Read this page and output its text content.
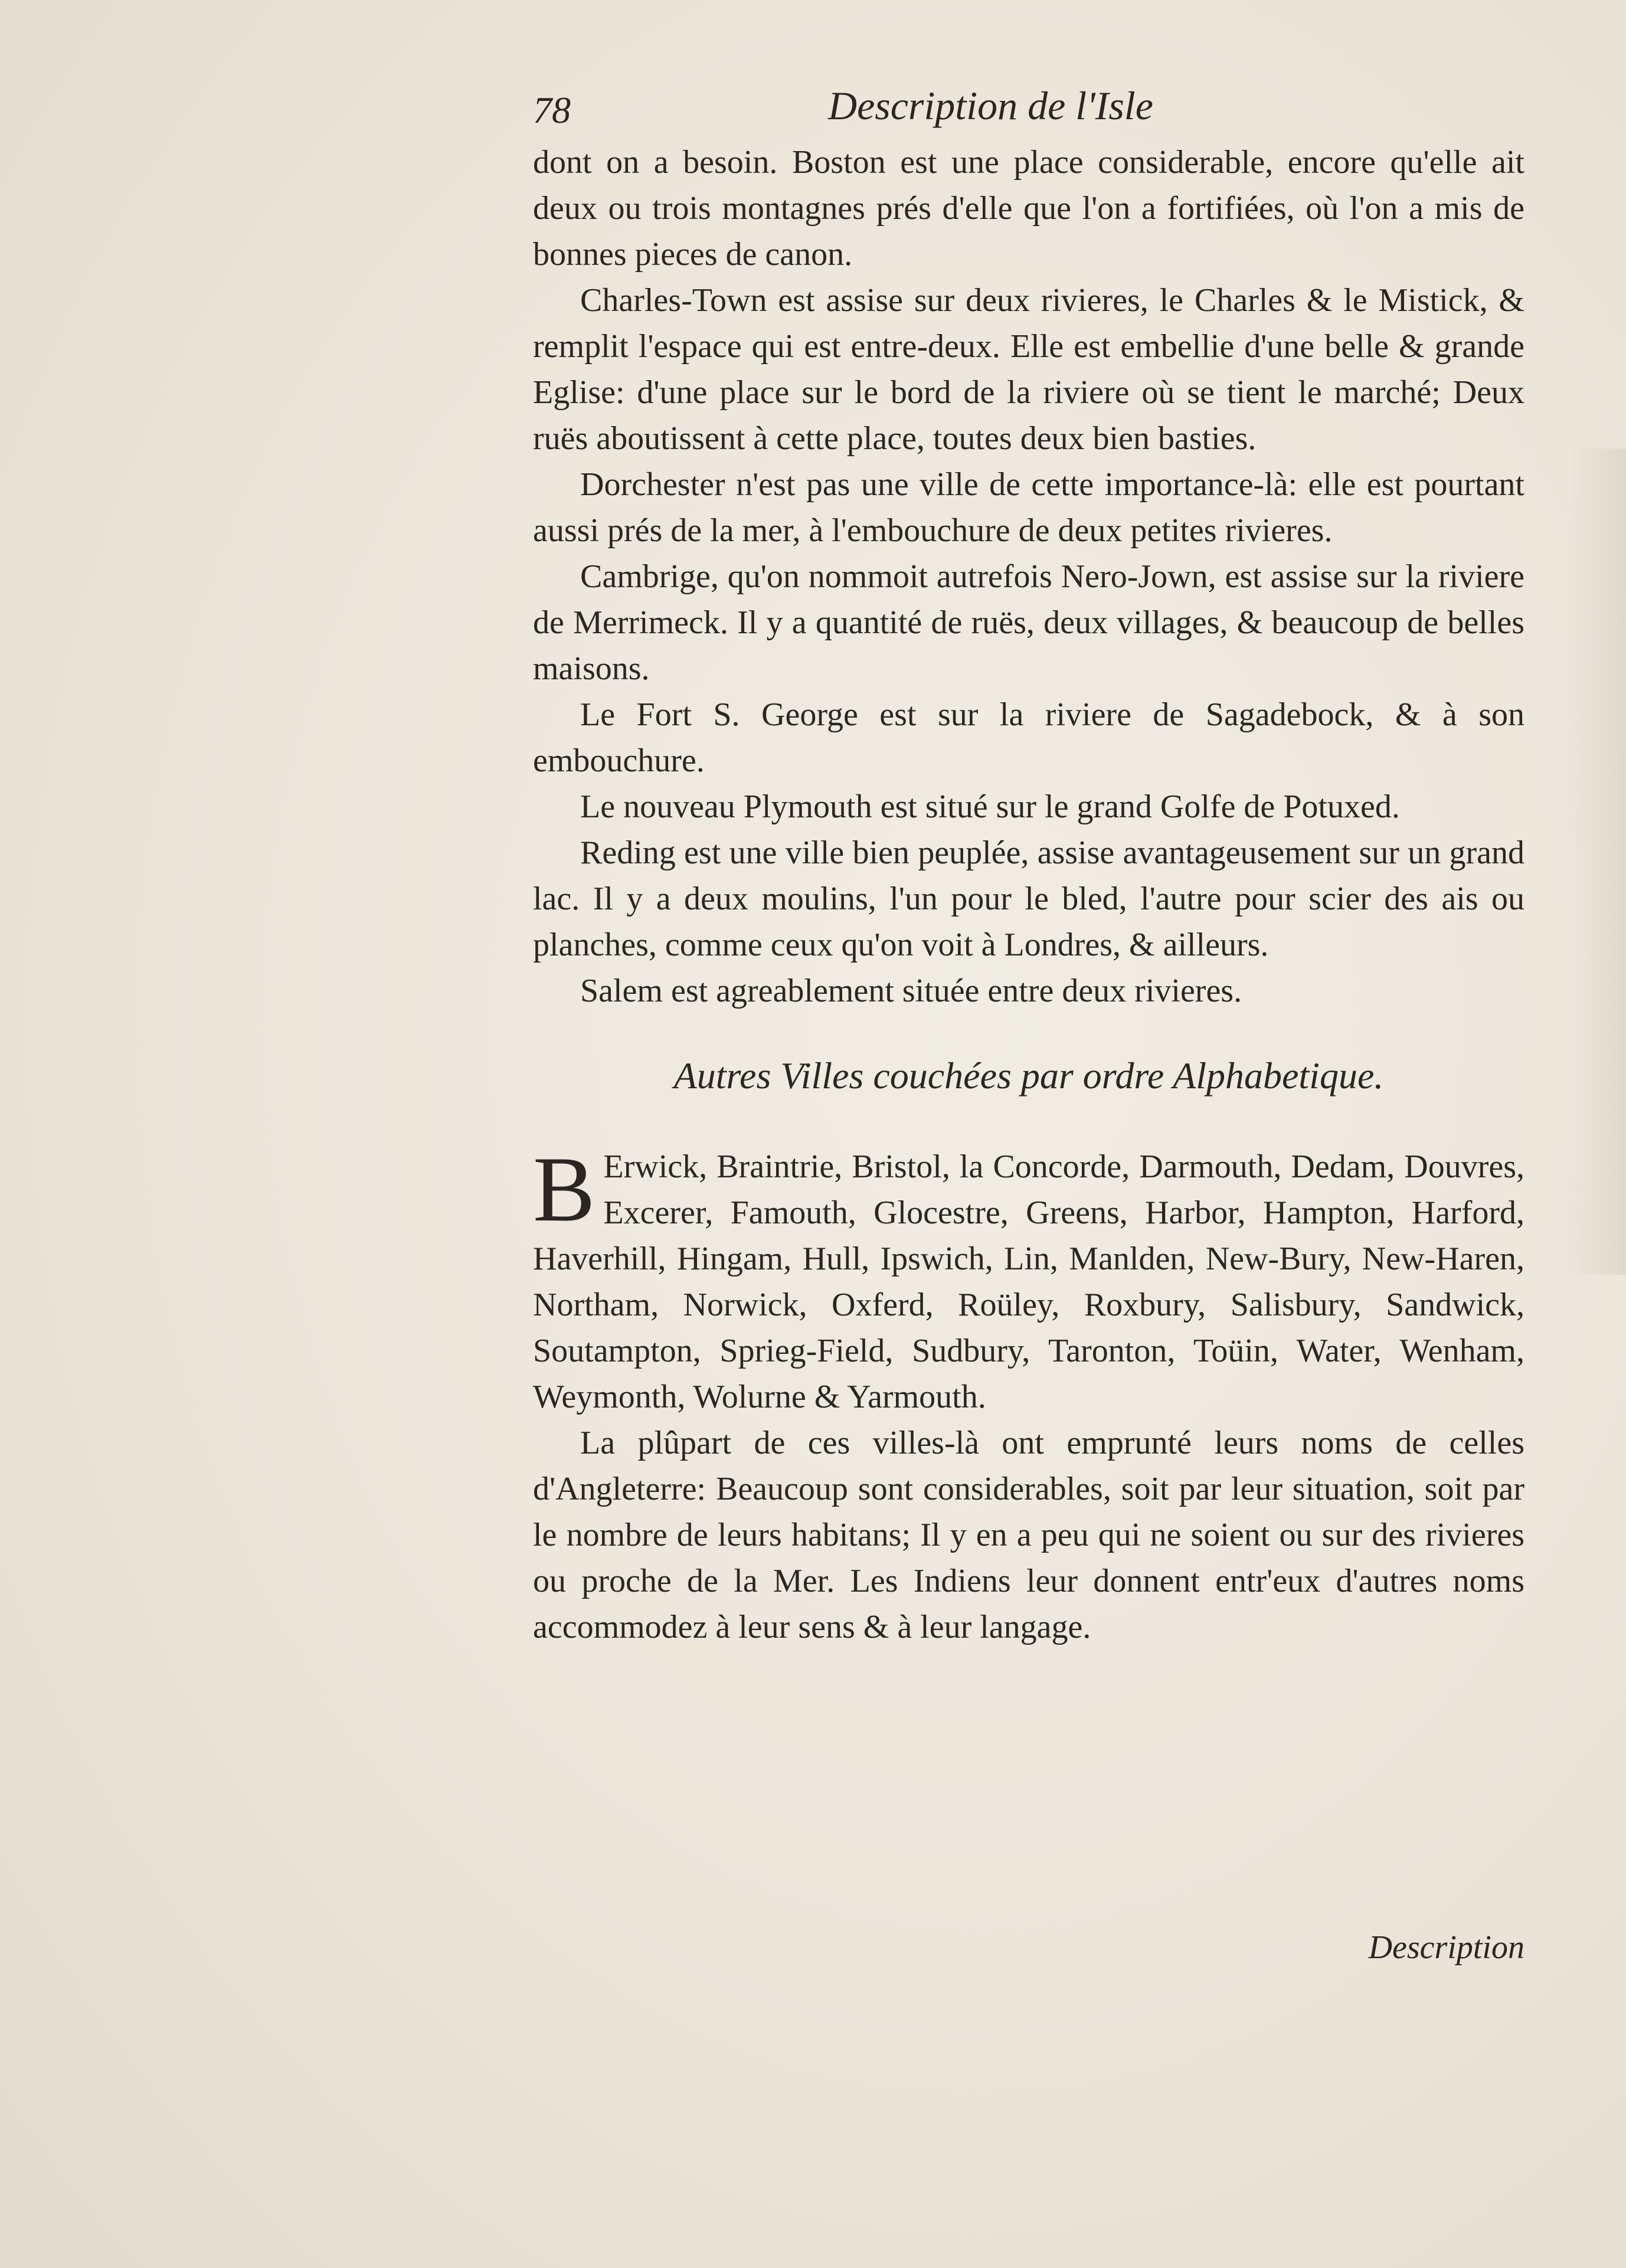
78	Description de l'Isle

dont on a besoin. Boston est une place considerable, encore qu'elle ait deux ou trois montagnes prés d'elle que l'on a fortifiées, où l'on a mis de bonnes pieces de canon.

Charles-Town est assise sur deux rivieres, le Charles & le Mistick, & remplit l'espace qui est entre-deux. Elle est embellie d'une belle & grande Eglise: d'une place sur le bord de la riviere où se tient le marché; Deux ruës aboutissent à cette place, toutes deux bien basties.

Dorchester n'est pas une ville de cette importance-là: elle est pourtant aussi prés de la mer, à l'embouchure de deux petites rivieres.

Cambrige, qu'on nommoit autrefois Nero-Jown, est assise sur la riviere de Merrimeck. Il y a quantité de ruës, deux villages, & beaucoup de belles maisons.

Le Fort S. George est sur la riviere de Sagadebock, & à son embouchure.

Le nouveau Plymouth est situé sur le grand Golfe de Potuxed.

Reding est une ville bien peuplée, assise avantageusement sur un grand lac. Il y a deux moulins, l'un pour le bled, l'autre pour scier des ais ou planches, comme ceux qu'on voit à Londres, & ailleurs.

Salem est agreablement située entre deux rivieres.

Autres Villes couchées par ordre Alphabetique.

B Erwick, Braintrie, Bristol, la Concorde, Darmouth, Dedam, Douvres, Excerer, Famouth, Glocestre, Greens, Harbor, Hampton, Harford, Haverhill, Hingam, Hull, Ipswich, Lin, Manlden, New-Bury, New-Haren, Northam, Norwick, Oxferd, Roüley, Roxbury, Salisbury, Sandwick, Soutampton, Sprieg-Field, Sudbury, Taronton, Toüin, Water, Wenham, Weymonth, Wolurne & Yarmouth.

La plûpart de ces villes-là ont emprunté leurs noms de celles d'Angleterre: Beaucoup sont considerables, soit par leur situation, soit par le nombre de leurs habitans; Il y en a peu qui ne soient ou sur des rivieres ou proche de la Mer. Les Indiens leur donnent entr'eux d'autres noms accommodez à leur sens & à leur langage.

Description
